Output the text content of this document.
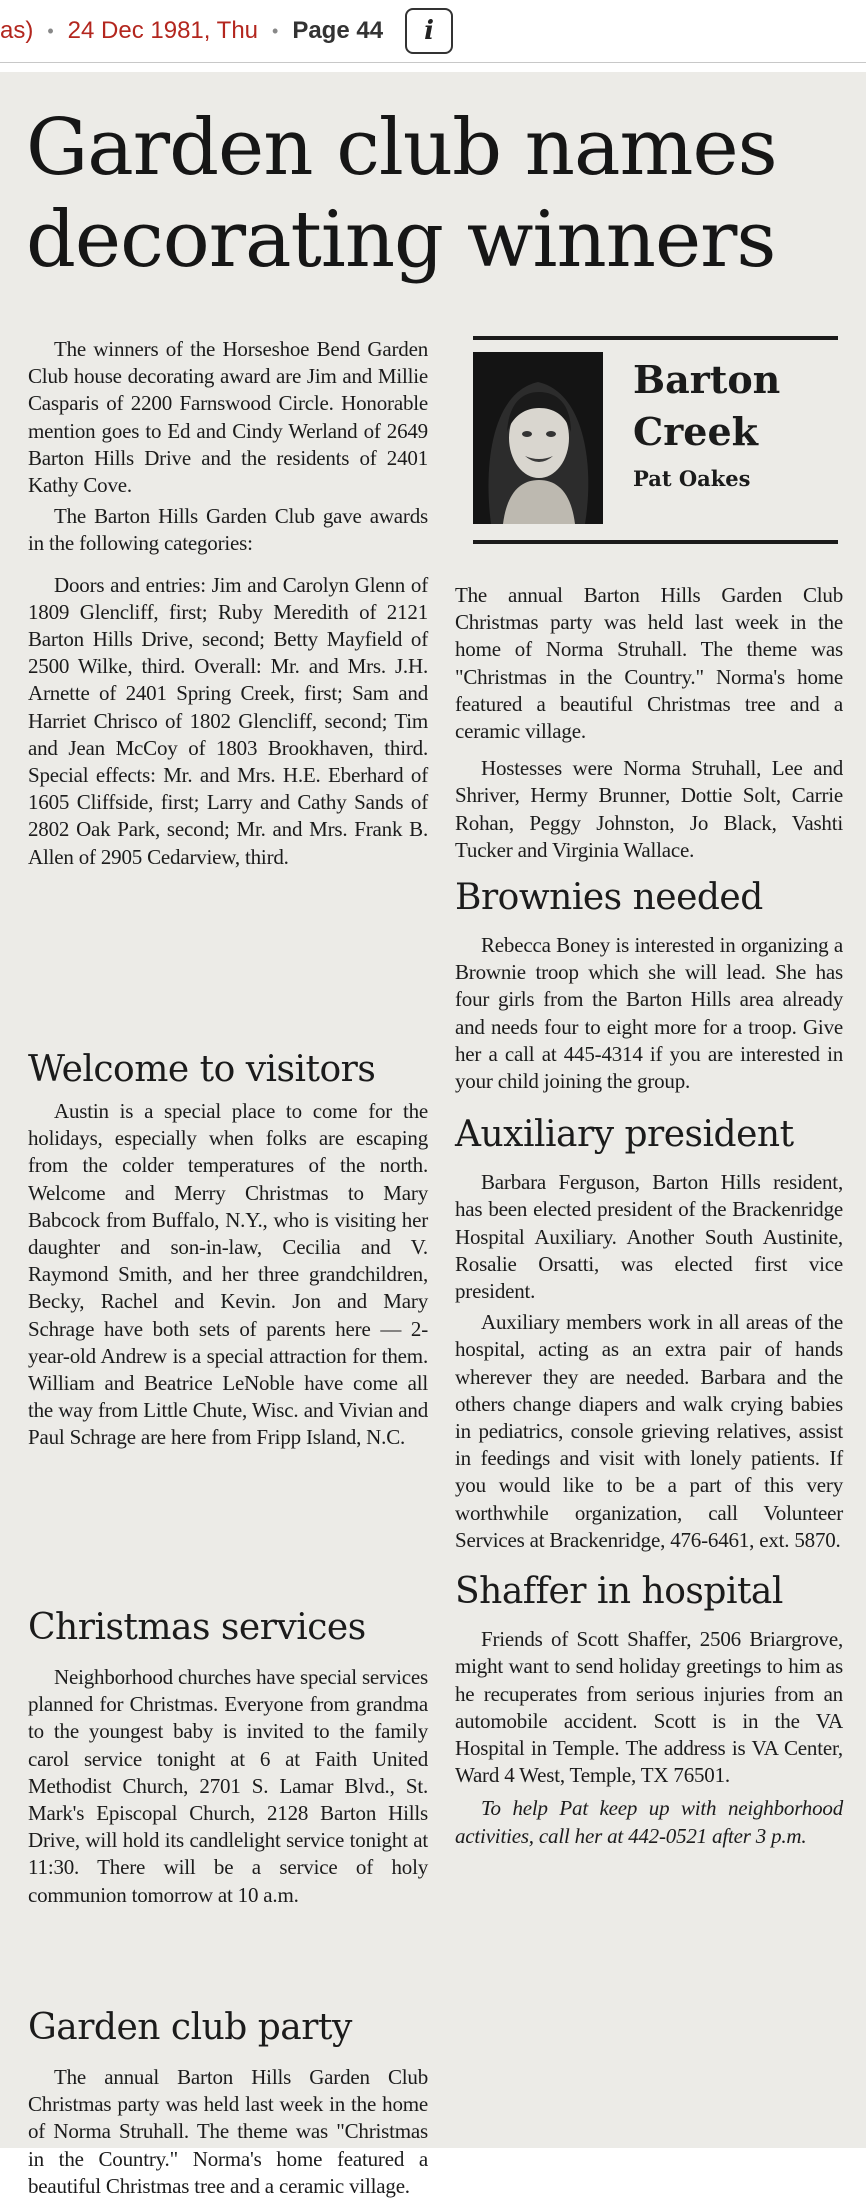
as) • 24 Dec 1981, Thu • Page 44	i
Garden club names
decorating winners
Barton
Creek

Pat Oakes

The winners of the Horseshoe Bend Garden Club house decorating award are Jim and Millie Casparis of 2200 Farnswood Circle. Honorable mention goes to Ed and Cindy Werland of 2649 Barton Hills Drive and the residents of 2401 Kathy Cove.

The Barton Hills Garden Club gave awards in the following categories:

Doors and entries: Jim and Carolyn Glenn of 1809 Glencliff, first; Ruby Meredith of 2121 Barton Hills Drive, second; Betty Mayfield of 2500 Wilke, third. Overall: Mr. and Mrs. J.H. Arnette of 2401 Spring Creek, first; Sam and Harriet Chrisco of 1802 Glencliff, second; Tim and Jean McCoy of 1803 Brookhaven, third. Special effects: Mr. and Mrs. H.E. Eberhard of 1605 Cliffside, first; Larry and Cathy Sands of 2802 Oak Park, second; Mr. and Mrs. Frank B. Allen of 2905 Cedarview, third.

Welcome to visitors

Austin is a special place to come for the holidays, especially when folks are escaping from the colder temperatures of the north. Welcome and Merry Christmas to Mary Babcock from Buffalo, N.Y., who is visiting her daughter and son-in-law, Cecilia and V. Raymond Smith, and her three grandchildren, Becky, Rachel and Kevin. Jon and Mary Schrage have both sets of parents here — 2-year-old Andrew is a special attraction for them. William and Beatrice LeNoble have come all the way from Little Chute, Wisc. and Vivian and Paul Schrage are here from Fripp Island, N.C.

Christmas services

Neighborhood churches have special services planned for Christmas. Everyone from grandma to the youngest baby is invited to the family carol service tonight at 6 at Faith United Methodist Church, 2701 S. Lamar Blvd., St. Mark's Episcopal Church, 2128 Barton Hills Drive, will hold its candlelight service tonight at 11:30. There will be a service of holy communion tomorrow at 10 a.m.

Garden club party

The annual Barton Hills Garden Club Christmas party was held last week in the home of Norma Struhall. The theme was "Christmas in the Country." Norma's home featured a beautiful Christmas tree and a ceramic village.

The annual Barton Hills Garden Club Christmas party was held last week in the home of Norma Struhall. The theme was "Christmas in the Country." Norma's home featured a beautiful Christmas tree and a ceramic village.

Hostesses were Norma Struhall, Lee and Shriver, Hermy Brunner, Dottie Solt, Carrie Rohan, Peggy Johnston, Jo Black, Vashti Tucker and Virginia Wallace.

Brownies needed

Rebecca Boney is interested in organizing a Brownie troop which she will lead. She has four girls from the Barton Hills area already and needs four to eight more for a troop. Give her a call at 445-4314 if you are interested in your child joining the group.

Auxiliary president

Barbara Ferguson, Barton Hills resident, has been elected president of the Brackenridge Hospital Auxiliary. Another South Austinite, Rosalie Orsatti, was elected first vice president.

Auxiliary members work in all areas of the hospital, acting as an extra pair of hands wherever they are needed. Barbara and the others change diapers and walk crying babies in pediatrics, console grieving relatives, assist in feedings and visit with lonely patients. If you would like to be a part of this very worthwhile organization, call Volunteer Services at Brackenridge, 476-6461, ext. 5870.

Shaffer in hospital

Friends of Scott Shaffer, 2506 Briargrove, might want to send holiday greetings to him as he recuperates from serious injuries from an automobile accident. Scott is in the VA Hospital in Temple. The address is VA Center, Ward 4 West, Temple, TX 76501.

To help Pat keep up with neighborhood activities, call her at 442-0521 after 3 p.m.
